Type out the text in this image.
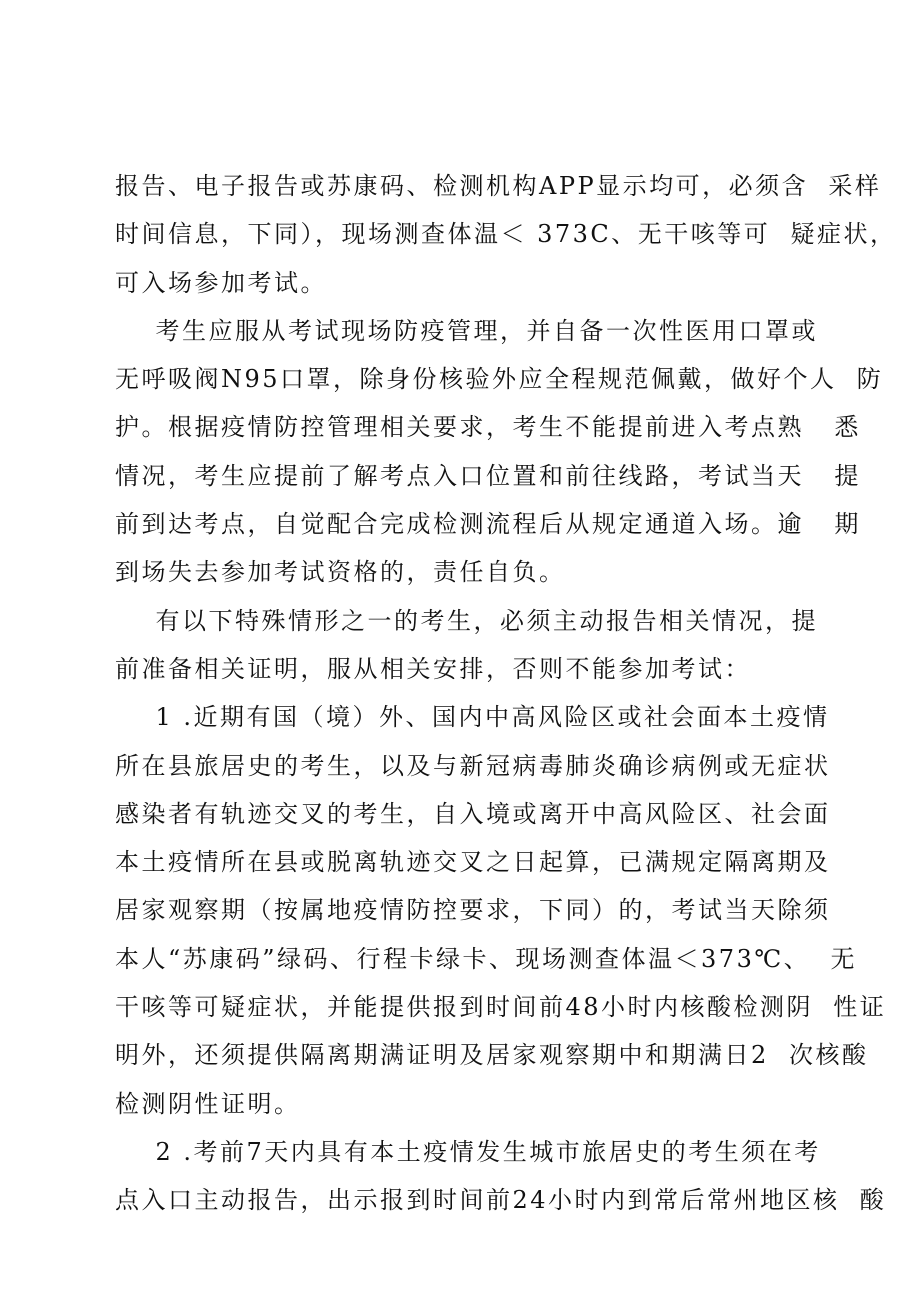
报告、电子报告或苏康码、检测机构APP显示均可，必须含  采样
时间信息，下同），现场测查体温＜ 373C、无干咳等可  疑症状，
可入场参加考试。
考生应服从考试现场防疫管理，并自备一次性医用口罩或
无呼吸阀N95口罩，除身份核验外应全程规范佩戴，做好个人  防
护。根据疫情防控管理相关要求，考生不能提前进入考点熟   悉
情况，考生应提前了解考点入口位置和前往线路，考试当天   提
前到达考点，自觉配合完成检测流程后从规定通道入场。逾   期
到场失去参加考试资格的，责任自负。
有以下特殊情形之一的考生，必须主动报告相关情况，提
前准备相关证明，服从相关安排，否则不能参加考试：
1 .近期有国（境）外、国内中高风险区或社会面本土疫情
所在县旅居史的考生，以及与新冠病毒肺炎确诊病例或无症状
感染者有轨迹交叉的考生，自入境或离开中高风险区、社会面
本土疫情所在县或脱离轨迹交叉之日起算，已满规定隔离期及
居家观察期（按属地疫情防控要求，下同）的，考试当天除须
本人“苏康码”绿码、行程卡绿卡、现场测查体温＜373℃、  无
干咳等可疑症状，并能提供报到时间前48小时内核酸检测阴  性证
明外，还须提供隔离期满证明及居家观察期中和期满日2  次核酸
检测阴性证明。
2 .考前7天内具有本土疫情发生城市旅居史的考生须在考
点入口主动报告，出示报到时间前24小时内到常后常州地区核  酸
